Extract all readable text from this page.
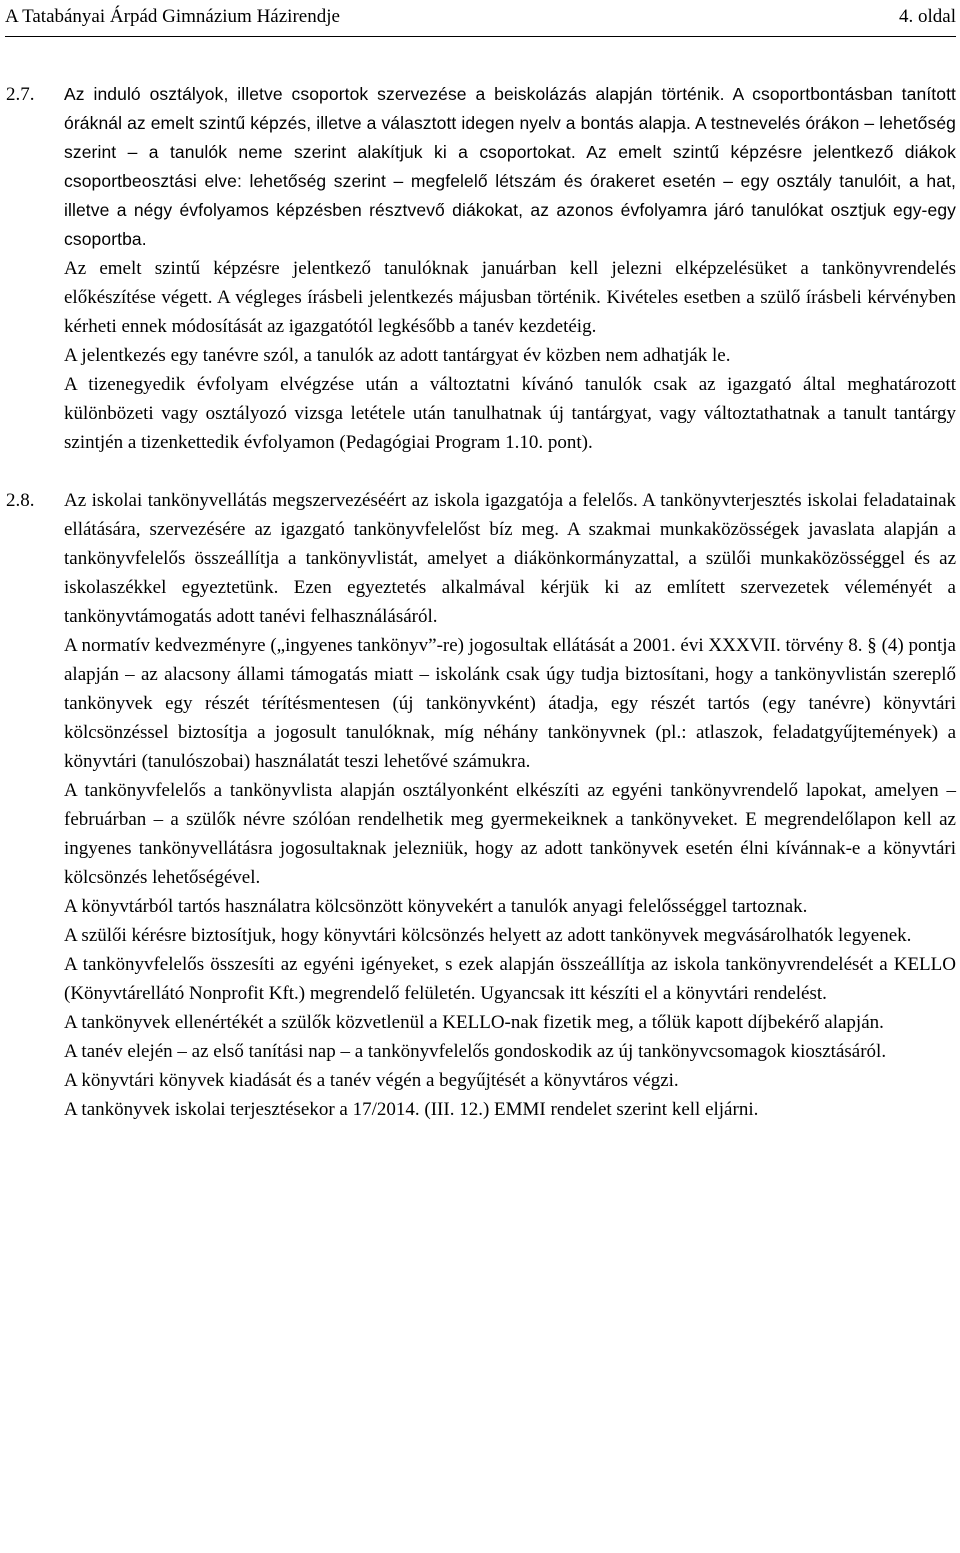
A Tatabányai Árpád Gimnázium Házirendje	4. oldal
2.7. Az induló osztályok, illetve csoportok szervezése a beiskolázás alapján történik. A csoportbontásban tanított óráknál az emelt szintű képzés, illetve a választott idegen nyelv a bontás alapja. A testnevelés órákon – lehetőség szerint – a tanulók neme szerint alakítjuk ki a csoportokat. Az emelt szintű képzésre jelentkező diákok csoportbeosztási elve: lehetőség szerint – megfelelő létszám és órakeret esetén – egy osztály tanulóit, a hat, illetve a négy évfolyamos képzésben résztvevő diákokat, az azonos évfolyamra járó tanulókat osztjuk egy-egy csoportba.

Az emelt szintű képzésre jelentkező tanulóknak januárban kell jelezni elképzelésüket a tankönyvrendelés előkészítése végett. A végleges írásbeli jelentkezés májusban történik. Kivételes esetben a szülő írásbeli kérvényben kérheti ennek módosítását az igazgatótól legkésőbb a tanév kezdetéig.

A jelentkezés egy tanévre szól, a tanulók az adott tantárgyat év közben nem adhatják le.

A tizenegyedik évfolyam elvégzése után a változtatni kívánó tanulók csak az igazgató által meghatározott különbözeti vagy osztályozó vizsga letétele után tanulhatnak új tantárgyat, vagy változtathatnak a tanult tantárgy szintjén a tizenkettedik évfolyamon (Pedagógiai Program 1.10. pont).

2.8. Az iskolai tankönyvellátás megszervezéséért az iskola igazgatója a felelős. A tankönyvterjesztés iskolai feladatainak ellátására, szervezésére az igazgató tankönyvfelelőst bíz meg. A szakmai munkaközösségek javaslata alapján a tankönyvfelelős összeállítja a tankönyvlistát, amelyet a diákönkormányzattal, a szülői munkaközösséggel és az iskolaszékkel egyeztetünk. Ezen egyeztetés alkalmával kérjük ki az említett szervezetek véleményét a tankönyvtámogatás adott tanévi felhasználásáról.

A normatív kedvezményre („ingyenes tankönyv”-re) jogosultak ellátását a 2001. évi XXXVII. törvény 8. § (4) pontja alapján – az alacsony állami támogatás miatt – iskolánk csak úgy tudja biztosítani, hogy a tankönyvlistán szereplő tankönyvek egy részét térítésmentesen (új tankönyvként) átadja, egy részét tartós (egy tanévre) könyvtári kölcsönzéssel biztosítja a jogosult tanulóknak, míg néhány tankönyvnek (pl.: atlaszok, feladatgyűjtemények) a könyvtári (tanulószobai) használatát teszi lehetővé számukra.

A tankönyvfelelős a tankönyvlista alapján osztályonként elkészíti az egyéni tankönyvrendelő lapokat, amelyen – februárban – a szülők névre szólóan rendelhetik meg gyermekeiknek a tankönyveket. E megrendelőlapon kell az ingyenes tankönyvellátásra jogosultaknak jelezniük, hogy az adott tankönyvek esetén élni kívánnak-e a könyvtári kölcsönzés lehetőségével.

A könyvtárból tartós használatra kölcsönzött könyvekért a tanulók anyagi felelősséggel tartoznak.

A szülői kérésre biztosítjuk, hogy könyvtári kölcsönzés helyett az adott tankönyvek megvásárolhatók legyenek.

A tankönyvfelelős összesíti az egyéni igényeket, s ezek alapján összeállítja az iskola tankönyvrendelését a KELLO (Könyvtárellátó Nonprofit Kft.) megrendelő felületén. Ugyancsak itt készíti el a könyvtári rendelést.

A tankönyvek ellenértékét a szülők közvetlenül a KELLO-nak fizetik meg, a tőlük kapott díjbekérő alapján.

A tanév elején – az első tanítási nap – a tankönyvfelelős gondoskodik az új tankönyvcsomagok kiosztásáról.

A könyvtári könyvek kiadását és a tanév végén a begyűjtését a könyvtáros végzi.

A tankönyvek iskolai terjesztésekor a 17/2014. (III. 12.) EMMI rendelet szerint kell eljárni.
